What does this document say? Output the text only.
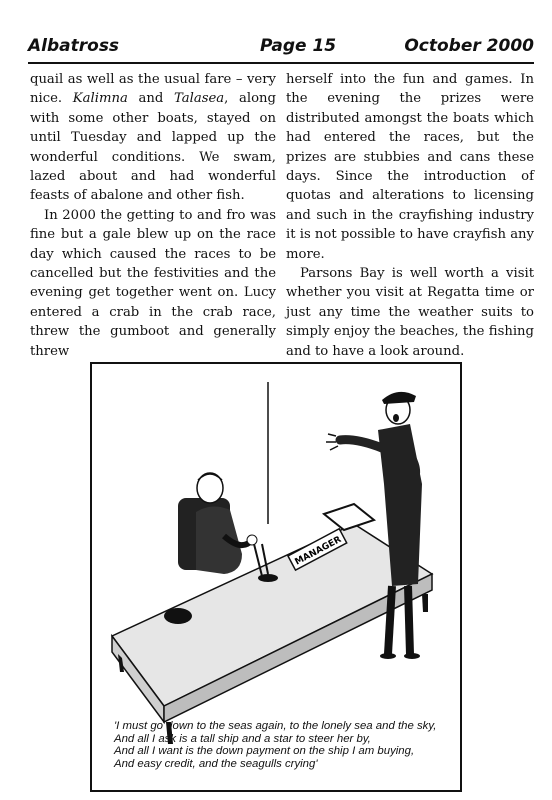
Albatross	Page 15	October 2000

quail as well as the usual fare – very nice. Kalimna and Talasea, along with some other boats, stayed on until Tuesday and lapped up the wonderful conditions. We swam, lazed about and had wonderful feasts of abalone and other fish.

In 2000 the getting to and fro was fine but a gale blew up on the race day which caused the races to be cancelled but the festivities and the evening get together went on. Lucy entered a crab in the crab race, threw the gumboot and generally threw

herself into the fun and games. In the evening the prizes were distributed amongst the boats which had entered the races, but the prizes are stubbies and cans these days. Since the introduction of quotas and alterations to licensing and such in the crayfishing industry it is not possible to have crayfish any more.

Parsons Bay is well worth a visit whether you visit at Regatta time or just any time the weather suits to simply enjoy the beaches, the fishing and to have a look around.

MANAGER
'I must go down to the seas again, to the lonely sea and the sky,
And all I ask is a tall ship and a star to steer her by,
And all I want is the down payment on the ship I am buying,
And easy credit, and the seagulls crying'
